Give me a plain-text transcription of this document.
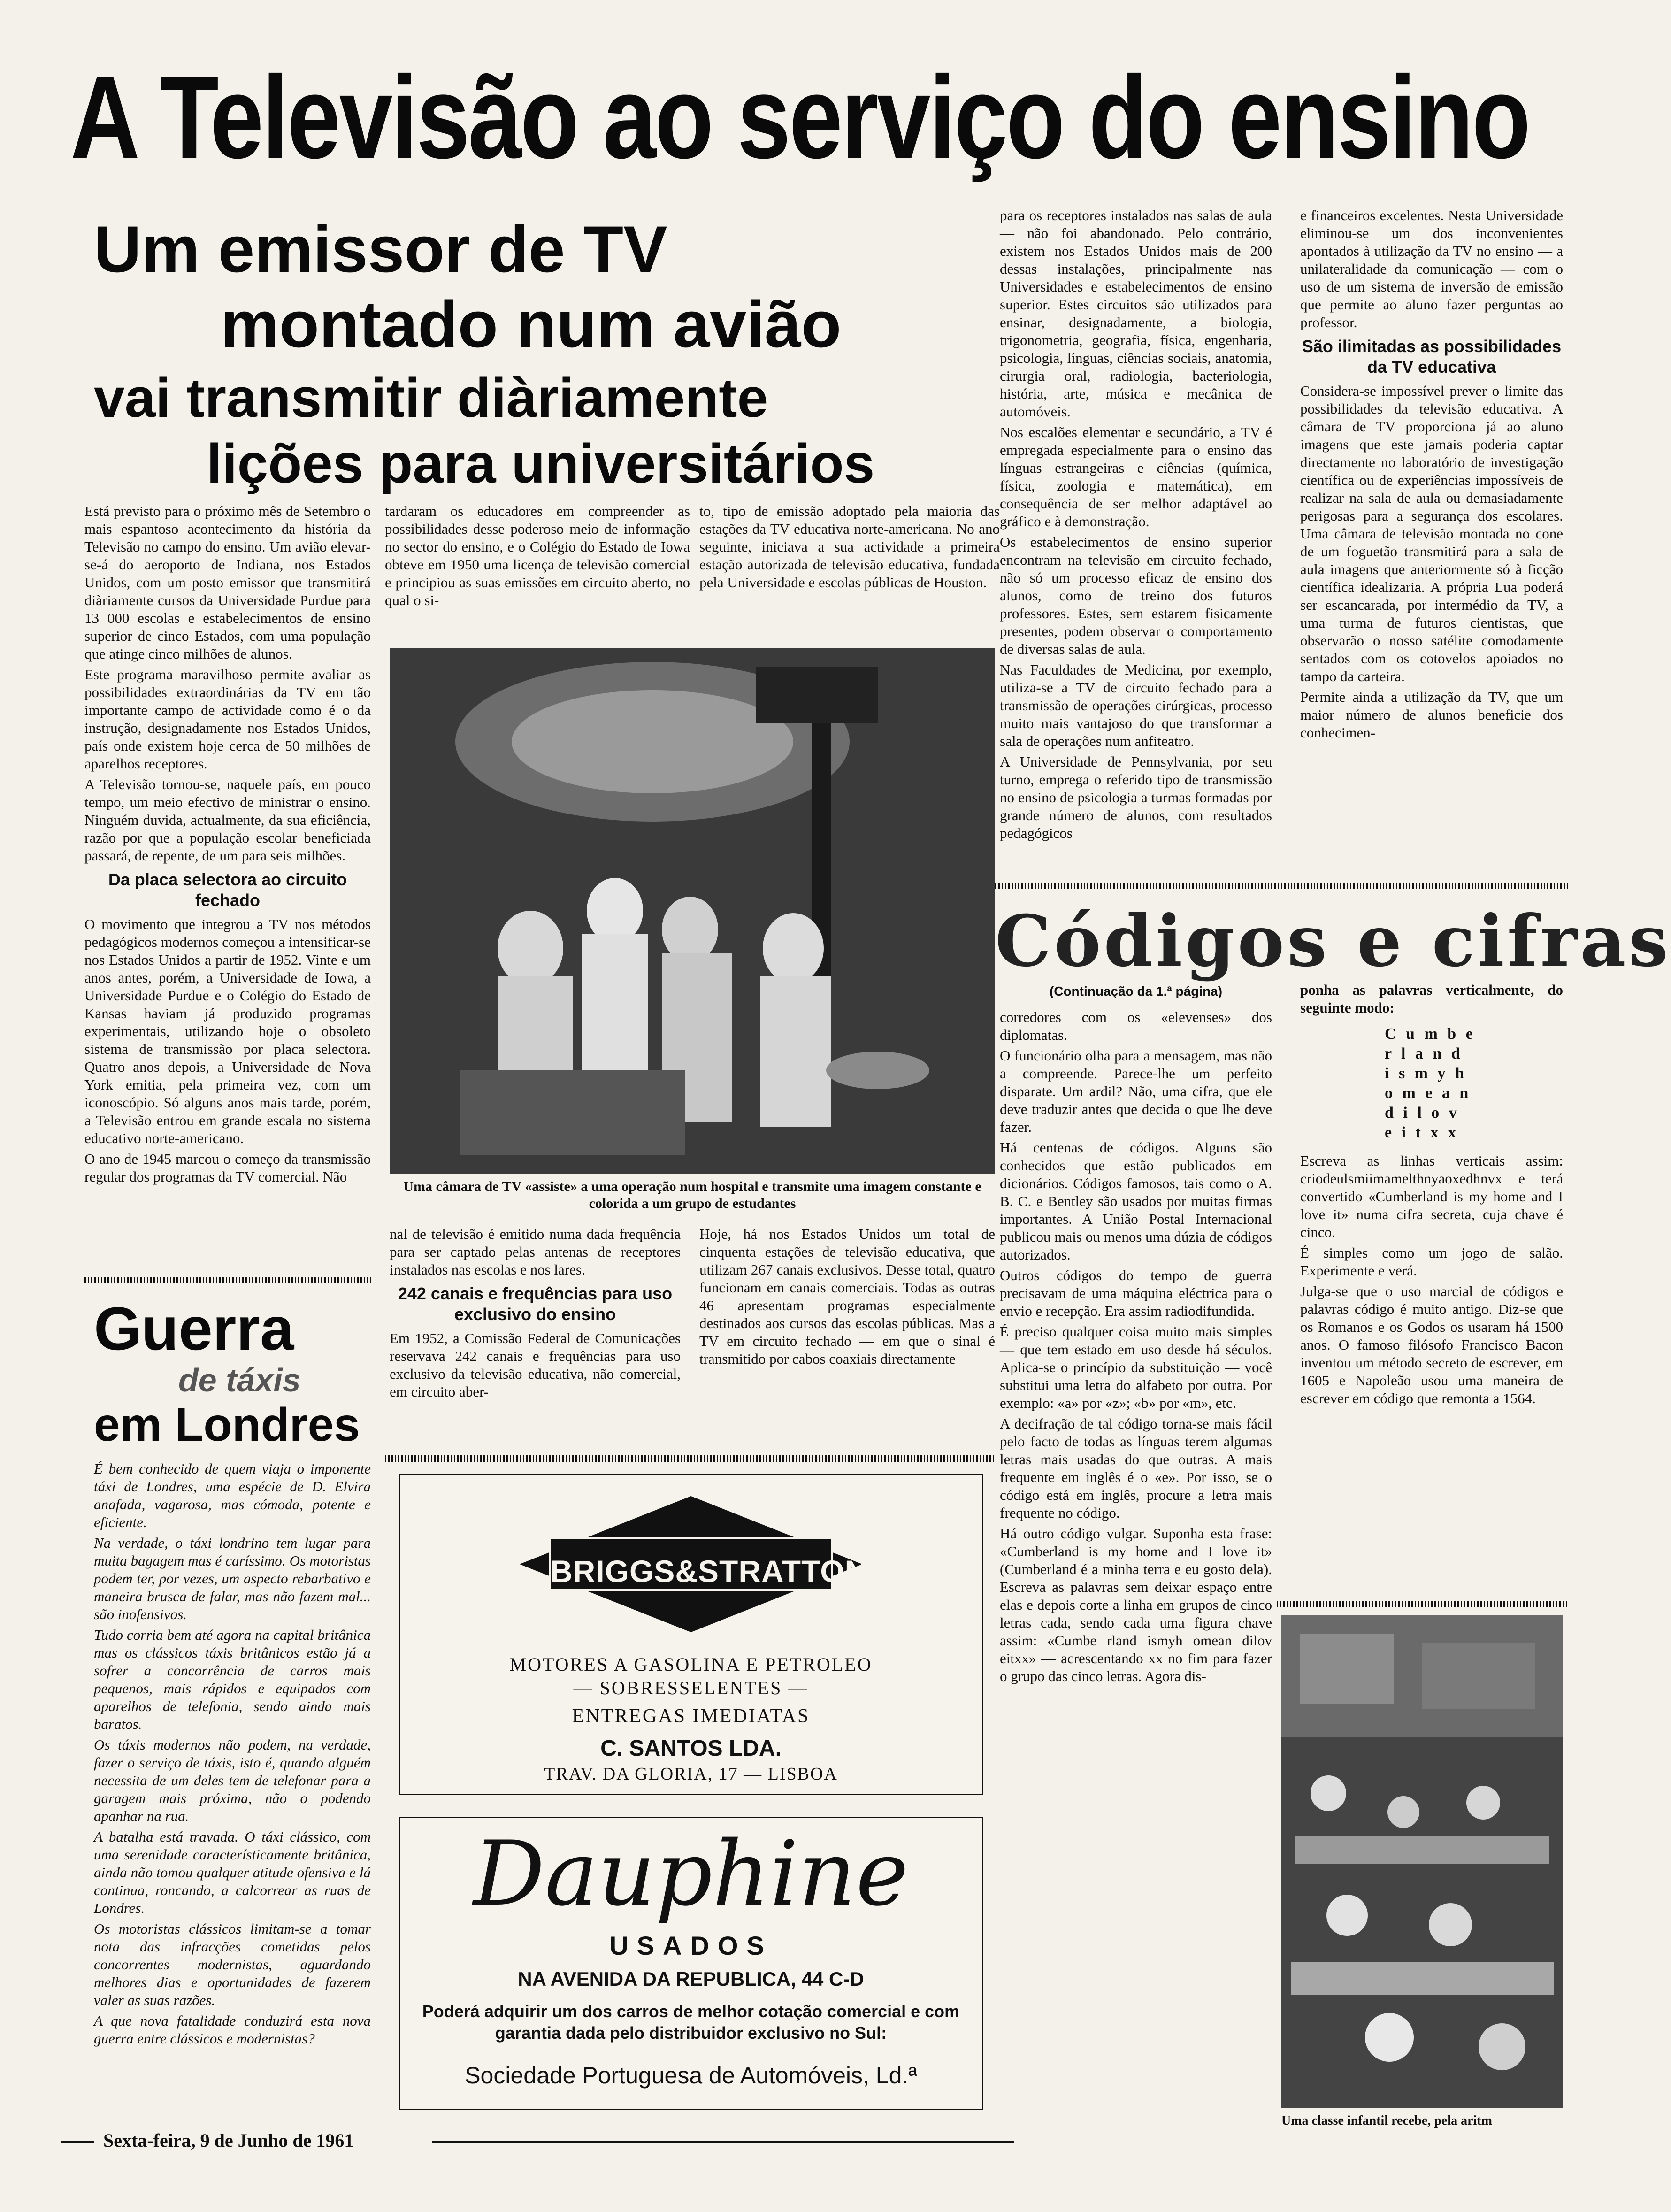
A Televisão ao serviço do ensino
Um emissor de TV
montado num avião
vai transmitir diàriamente
lições para universitários

Está previsto para o próximo mês de Setembro o mais espantoso acontecimento da história da Televisão no campo do ensino. Um avião elevar-se-á do aeroporto de Indiana, nos Estados Unidos, com um posto emissor que transmitirá diàriamente cursos da Universidade Purdue para 13 000 escolas e estabelecimentos de ensino superior de cinco Estados, com uma população que atinge cinco milhões de alunos.

Este programa maravilhoso permite avaliar as possibilidades extraordinárias da TV em tão importante campo de actividade como é o da instrução, designadamente nos Estados Unidos, país onde existem hoje cerca de 50 milhões de aparelhos receptores.

A Televisão tornou-se, naquele país, em pouco tempo, um meio efectivo de ministrar o ensino. Ninguém duvida, actualmente, da sua eficiência, razão por que a população escolar beneficiada passará, de repente, de um para seis milhões.

Da placa selectora ao circuito fechado

O movimento que integrou a TV nos métodos pedagógicos modernos começou a intensificar-se nos Estados Unidos a partir de 1952. Vinte e um anos antes, porém, a Universidade de Iowa, a Universidade Purdue e o Colégio do Estado de Kansas haviam já produzido programas experimentais, utilizando hoje o obsoleto sistema de transmissão por placa selectora. Quatro anos depois, a Universidade de Nova York emitia, pela primeira vez, com um iconoscópio. Só alguns anos mais tarde, porém, a Televisão entrou em grande escala no sistema educativo norte-americano.

O ano de 1945 marcou o começo da transmissão regular dos programas da TV comercial. Não

tardaram os educadores em compreender as possibilidades desse poderoso meio de informação no sector do ensino, e o Colégio do Estado de Iowa obteve em 1950 uma licença de televisão comercial e principiou as suas emissões em circuito aberto, no qual o si-
to, tipo de emissão adoptado pela maioria das estações da TV educativa norte-americana. No ano seguinte, iniciava a sua actividade a primeira estação autorizada de televisão educativa, fundada pela Universidade e escolas públicas de Houston.
Uma câmara de TV «assiste» a uma operação num hospital e transmite uma imagem constante e colorida a um grupo de estudantes

nal de televisão é emitido numa dada frequência para ser captado pelas antenas de receptores instalados nas escolas e nos lares.

242 canais e frequências para uso exclusivo do ensino

Em 1952, a Comissão Federal de Comunicações reservava 242 canais e frequências para uso exclusivo da televisão educativa, não comercial, em circuito aber-

Hoje, há nos Estados Unidos um total de cinquenta estações de televisão educativa, que utilizam 267 canais exclusivos. Desse total, quatro funcionam em canais comerciais. Todas as outras 46 apresentam programas especialmente destinados aos cursos das escolas públicas. Mas a TV em circuito fechado — em que o sinal é transmitido por cabos coaxiais directamente

para os receptores instalados nas salas de aula — não foi abandonado. Pelo contrário, existem nos Estados Unidos mais de 200 dessas instalações, principalmente nas Universidades e estabelecimentos de ensino superior. Estes circuitos são utilizados para ensinar, designadamente, a biologia, trigonometria, geografia, física, engenharia, psicologia, línguas, ciências sociais, anatomia, cirurgia oral, radiologia, bacteriologia, história, arte, música e mecânica de automóveis.

Nos escalões elementar e secundário, a TV é empregada especialmente para o ensino das línguas estrangeiras e ciências (química, física, zoologia e matemática), em consequência de ser melhor adaptável ao gráfico e à demonstração.

Os estabelecimentos de ensino superior encontram na televisão em circuito fechado, não só um processo eficaz de ensino dos alunos, como de treino dos futuros professores. Estes, sem estarem fisicamente presentes, podem observar o comportamento de diversas salas de aula.

Nas Faculdades de Medicina, por exemplo, utiliza-se a TV de circuito fechado para a transmissão de operações cirúrgicas, processo muito mais vantajoso do que transformar a sala de operações num anfiteatro.

A Universidade de Pennsylvania, por seu turno, emprega o referido tipo de transmissão no ensino de psicologia a turmas formadas por grande número de alunos, com resultados pedagógicos

e financeiros excelentes. Nesta Universidade eliminou-se um dos inconvenientes apontados à utilização da TV no ensino — a unilateralidade da comunicação — com o uso de um sistema de inversão de emissão que permite ao aluno fazer perguntas ao professor.

São ilimitadas as possibilidades da TV educativa

Considera-se impossível prever o limite das possibilidades da televisão educativa. A câmara de TV proporciona já ao aluno imagens que este jamais poderia captar directamente no laboratório de investigação científica ou de experiências impossíveis de realizar na sala de aula ou demasiadamente perigosas para a segurança dos escolares. Uma câmara de televisão montada no cone de um foguetão transmitirá para a sala de aula imagens que anteriormente só à ficção científica idealizaria. A própria Lua poderá ser escancarada, por intermédio da TV, a uma turma de futuros cientistas, que observarão o nosso satélite comodamente sentados com os cotovelos apoiados no tampo da carteira.

Permite ainda a utilização da TV, que um maior número de alunos beneficie dos conhecimen-

Códigos e cifras
(Continuação da 1.ª página)

corredores com os «elevenses» dos diplomatas.

O funcionário olha para a mensagem, mas não a compreende. Parece-lhe um perfeito disparate. Um ardil? Não, uma cifra, que ele deve traduzir antes que decida o que lhe deve fazer.

Há centenas de códigos. Alguns são conhecidos que estão publicados em dicionários. Códigos famosos, tais como o A. B. C. e Bentley são usados por muitas firmas importantes. A União Postal Internacional publicou mais ou menos uma dúzia de códigos autorizados.

Outros códigos do tempo de guerra precisavam de uma máquina eléctrica para o envio e recepção. Era assim radiodifundida.

É preciso qualquer coisa muito mais simples — que tem estado em uso desde há séculos. Aplica-se o princípio da substituição — você substitui uma letra do alfabeto por outra. Por exemplo: «a» por «z»; «b» por «m», etc.

A decifração de tal código torna-se mais fácil pelo facto de todas as línguas terem algumas letras mais usadas do que outras. A mais frequente em inglês é o «e». Por isso, se o código está em inglês, procure a letra mais frequente no código.

Há outro código vulgar. Suponha esta frase: «Cumberland is my home and I love it» (Cumberland é a minha terra e eu gosto dela). Escreva as palavras sem deixar espaço entre elas e depois corte a linha em grupos de cinco letras cada, sendo cada uma figura chave assim: «Cumbe rland ismyh omean dilov eitxx» — acrescentando xx no fim para fazer o grupo das cinco letras. Agora dis-

ponha as palavras verticalmente, do seguinte modo:

C u m b e
r l a n d
i s m y h
o m e a n
d i l o v
e i t x x

Escreva as linhas verticais assim: criodeulsmiimamelthnyaoxedhnvx e terá convertido «Cumberland is my home and I love it» numa cifra secreta, cuja chave é cinco.

É simples como um jogo de salão. Experimente e verá.

Julga-se que o uso marcial de códigos e palavras código é muito antigo. Diz-se que os Romanos e os Godos os usaram há 1500 anos. O famoso filósofo Francisco Bacon inventou um método secreto de escrever, em 1605 e Napoleão usou uma maneira de escrever em código que remonta a 1564.

Uma classe infantil recebe, pela aritm
Guerra
de táxis
em Londres

É bem conhecido de quem viaja o imponente táxi de Londres, uma espécie de D. Elvira anafada, vagarosa, mas cómoda, potente e eficiente.

Na verdade, o táxi londrino tem lugar para muita bagagem mas é caríssimo. Os motoristas podem ter, por vezes, um aspecto rebarbativo e maneira brusca de falar, mas não fazem mal... são inofensivos.

Tudo corria bem até agora na capital britânica mas os clássicos táxis britânicos estão já a sofrer a concorrência de carros mais pequenos, mais rápidos e equipados com aparelhos de telefonia, sendo ainda mais baratos.

Os táxis modernos não podem, na verdade, fazer o serviço de táxis, isto é, quando alguém necessita de um deles tem de telefonar para a garagem mais próxima, não o podendo apanhar na rua.

A batalha está travada. O táxi clássico, com uma serenidade característicamente britânica, ainda não tomou qualquer atitude ofensiva e lá continua, roncando, a calcorrear as ruas de Londres.

Os motoristas clássicos limitam-se a tomar nota das infracções cometidas pelos concorrentes modernistas, aguardando melhores dias e oportunidades de fazerem valer as suas razões.

A que nova fatalidade conduzirá esta nova guerra entre clássicos e modernistas?

BRIGGS&STRATTON
MOTORES A GASOLINA E PETROLEO
— SOBRESSELENTES —
ENTREGAS IMEDIATAS
C. SANTOS LDA.
TRAV. DA GLORIA, 17 — LISBOA
Dauphine
USADOS
NA AVENIDA DA REPUBLICA, 44 C-D
Poderá adquirir um dos carros de melhor cotação comercial e com garantia dada pelo distribuidor exclusivo no Sul:
Sociedade Portuguesa de Automóveis, Ld.ª
Sexta-feira, 9 de Junho de 1961
